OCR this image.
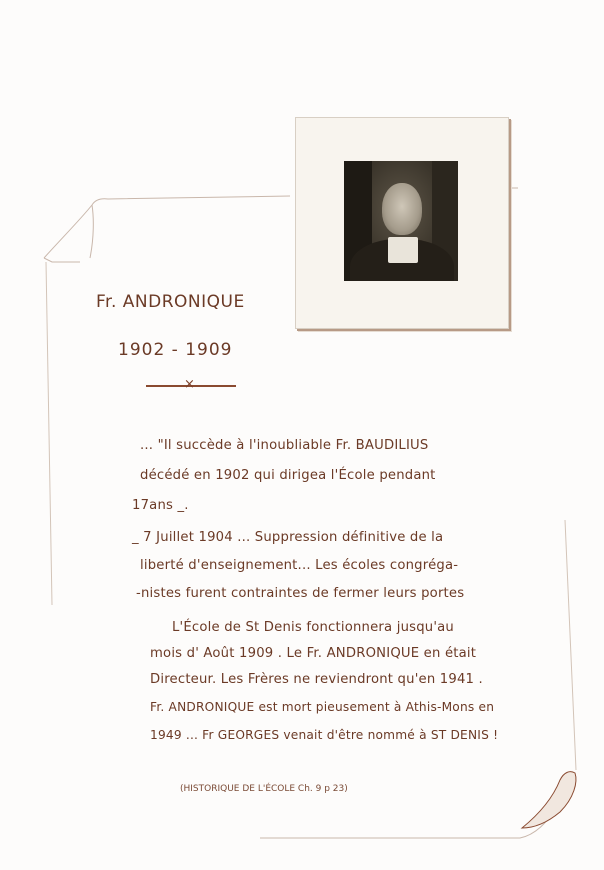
Fr. ANDRONIQUE
1902 - 1909
×
... "Il succède à l'inoubliable Fr. BAUDILIUS
décédé en 1902 qui dirigea l'École pendant
17ans _.
_ 7 Juillet 1904 ... Suppression définitive de la
liberté d'enseignement... Les écoles congréga-
-nistes furent contraintes de fermer leurs portes
L'École de St Denis fonctionnera jusqu'au
mois d' Août 1909 . Le Fr. ANDRONIQUE en était
Directeur. Les Frères ne reviendront qu'en 1941 .
Fr. ANDRONIQUE est mort pieusement à Athis-Mons en
1949 ... Fr GEORGES venait d'être nommé à ST DENIS !
(HISTORIQUE DE L'ÉCOLE Ch. 9 p 23)
